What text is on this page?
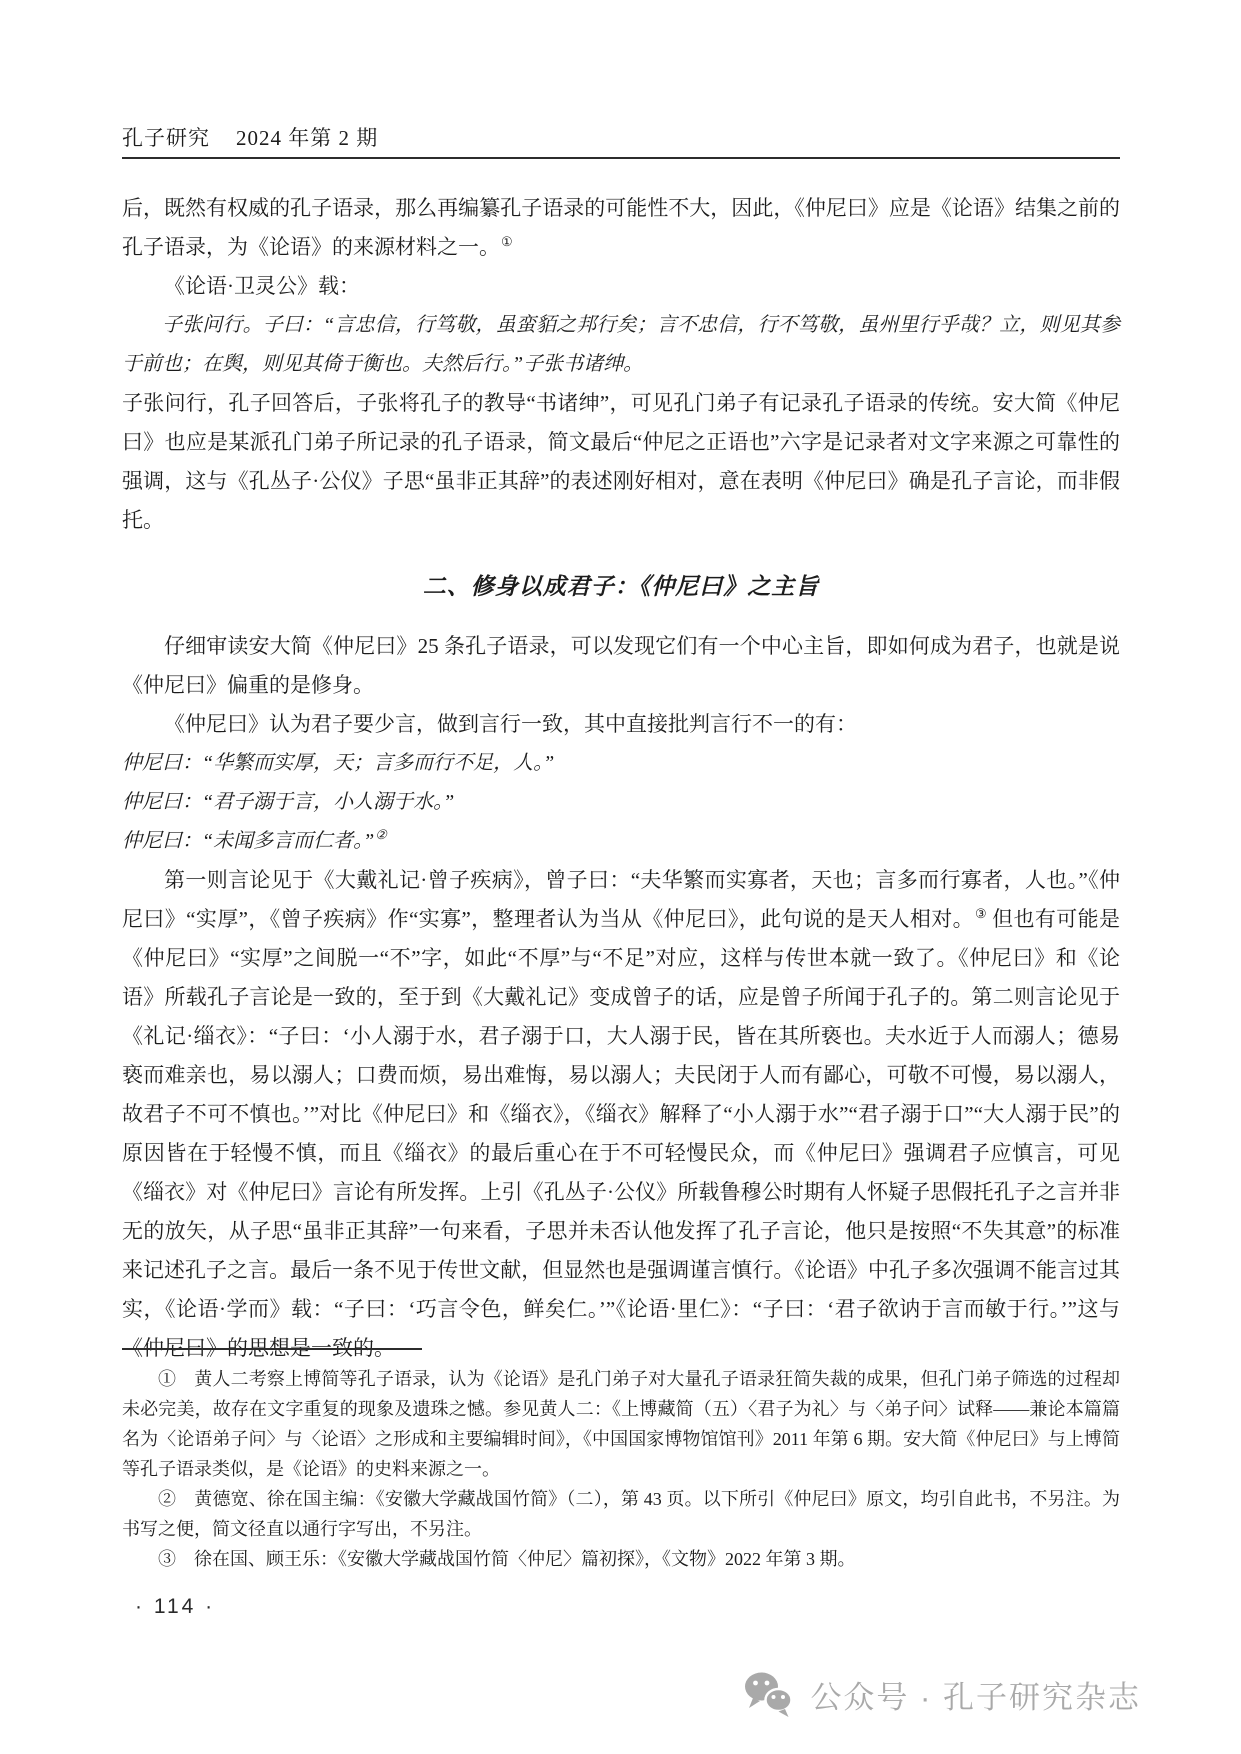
孔子研究 2024 年第 2 期

后，既然有权威的孔子语录，那么再编纂孔子语录的可能性不大，因此，《仲尼曰》应是《论语》结集之前的孔子语录，为《论语》的来源材料之一。①

《论语·卫灵公》载：

子张问行。子曰：“言忠信，行笃敬，虽蛮貊之邦行矣；言不忠信，行不笃敬，虽州里行乎哉？立，则见其参于前也；在舆，则见其倚于衡也。夫然后行。”子张书诸绅。

子张问行，孔子回答后，子张将孔子的教导“书诸绅”，可见孔门弟子有记录孔子语录的传统。安大简《仲尼曰》也应是某派孔门弟子所记录的孔子语录，简文最后“仲尼之正语也”六字是记录者对文字来源之可靠性的强调，这与《孔丛子·公仪》子思“虽非正其辞”的表述刚好相对，意在表明《仲尼曰》确是孔子言论，而非假托。

二、修身以成君子：《仲尼曰》之主旨

仔细审读安大简《仲尼曰》25 条孔子语录，可以发现它们有一个中心主旨，即如何成为君子，也就是说《仲尼曰》偏重的是修身。

《仲尼曰》认为君子要少言，做到言行一致，其中直接批判言行不一的有：

仲尼曰：“华繁而实厚，天；言多而行不足，人。”

仲尼曰：“君子溺于言，小人溺于水。”

仲尼曰：“未闻多言而仁者。”②

第一则言论见于《大戴礼记·曾子疾病》，曾子曰：“夫华繁而实寡者，天也；言多而行寡者，人也。”《仲尼曰》“实厚”，《曾子疾病》作“实寡”，整理者认为当从《仲尼曰》，此句说的是天人相对。③ 但也有可能是《仲尼曰》“实厚”之间脱一“不”字，如此“不厚”与“不足”对应，这样与传世本就一致了。《仲尼曰》和《论语》所载孔子言论是一致的，至于到《大戴礼记》变成曾子的话，应是曾子所闻于孔子的。第二则言论见于《礼记·缁衣》：“子曰：‘小人溺于水，君子溺于口，大人溺于民，皆在其所亵也。夫水近于人而溺人；德易亵而难亲也，易以溺人；口费而烦，易出难悔，易以溺人；夫民闭于人而有鄙心，可敬不可慢，易以溺人，故君子不可不慎也。’”对比《仲尼曰》和《缁衣》，《缁衣》解释了“小人溺于水”“君子溺于口”“大人溺于民”的原因皆在于轻慢不慎，而且《缁衣》的最后重心在于不可轻慢民众，而《仲尼曰》强调君子应慎言，可见《缁衣》对《仲尼曰》言论有所发挥。上引《孔丛子·公仪》所载鲁穆公时期有人怀疑子思假托孔子之言并非无的放矢，从子思“虽非正其辞”一句来看，子思并未否认他发挥了孔子言论，他只是按照“不失其意”的标准来记述孔子之言。最后一条不见于传世文献，但显然也是强调谨言慎行。《论语》中孔子多次强调不能言过其实，《论语·学而》载：“子曰：‘巧言令色，鲜矣仁。’”《论语·里仁》：“子曰：‘君子欲讷于言而敏于行。’”这与《仲尼曰》的思想是一致的。

①　黄人二考察上博简等孔子语录，认为《论语》是孔门弟子对大量孔子语录狂简失裁的成果，但孔门弟子筛选的过程却未必完美，故存在文字重复的现象及遗珠之憾。参见黄人二：《上博藏简（五）〈君子为礼〉与〈弟子问〉试释——兼论本篇篇名为〈论语弟子问〉与〈论语〉之形成和主要编辑时间》，《中国国家博物馆馆刊》2011 年第 6 期。安大简《仲尼曰》与上博简等孔子语录类似，是《论语》的史料来源之一。

②　黄德宽、徐在国主编：《安徽大学藏战国竹简》（二），第 43 页。以下所引《仲尼曰》原文，均引自此书，不另注。为书写之便，简文径直以通行字写出，不另注。

③　徐在国、顾王乐：《安徽大学藏战国竹简〈仲尼〉篇初探》，《文物》2022 年第 3 期。

· 114 ·
公众号 · 孔子研究杂志
